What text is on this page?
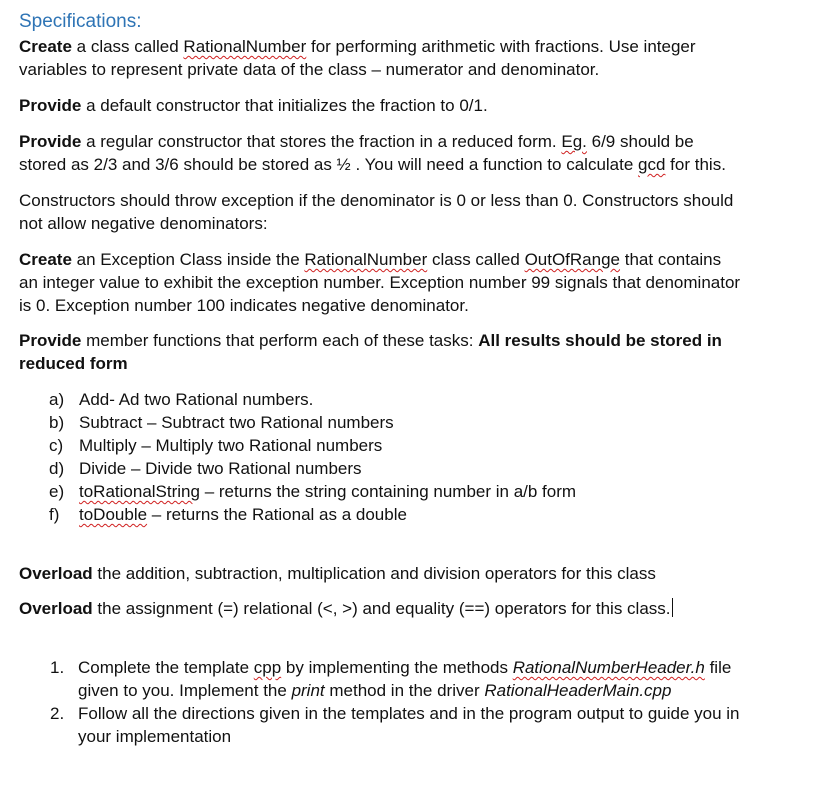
Specifications:
Create a class called RationalNumber for performing arithmetic with fractions. Use integer
variables to represent private data of the class – numerator and denominator.
Provide a default constructor that initializes the fraction to 0/1.
Provide a regular constructor that stores the fraction in a reduced form. Eg. 6/9 should be
stored as 2/3 and 3/6 should be stored as ½ . You will need a function to calculate gcd for this.
Constructors should throw exception if the denominator is 0 or less than 0. Constructors should
not allow negative denominators:
Create an Exception Class inside the RationalNumber class called OutOfRange that contains
an integer value to exhibit the exception number. Exception number 99 signals that denominator
is 0. Exception number 100 indicates negative denominator.
Provide member functions that perform each of these tasks: All results should be stored in
reduced form
a) Add- Ad two Rational numbers.
b) Subtract – Subtract two Rational numbers
c) Multiply – Multiply two Rational numbers
d) Divide – Divide two Rational numbers
e) toRationalString – returns the string containing number in a/b form
f) toDouble – returns the Rational as a double
Overload the addition, subtraction, multiplication and division operators for this class
Overload the assignment (=) relational (<, >) and equality (==) operators for this class.
1. Complete the template cpp by implementing the methods RationalNumberHeader.h file
given to you. Implement the print method in the driver RationalHeaderMain.cpp
2. Follow all the directions given in the templates and in the program output to guide you in
your implementation
